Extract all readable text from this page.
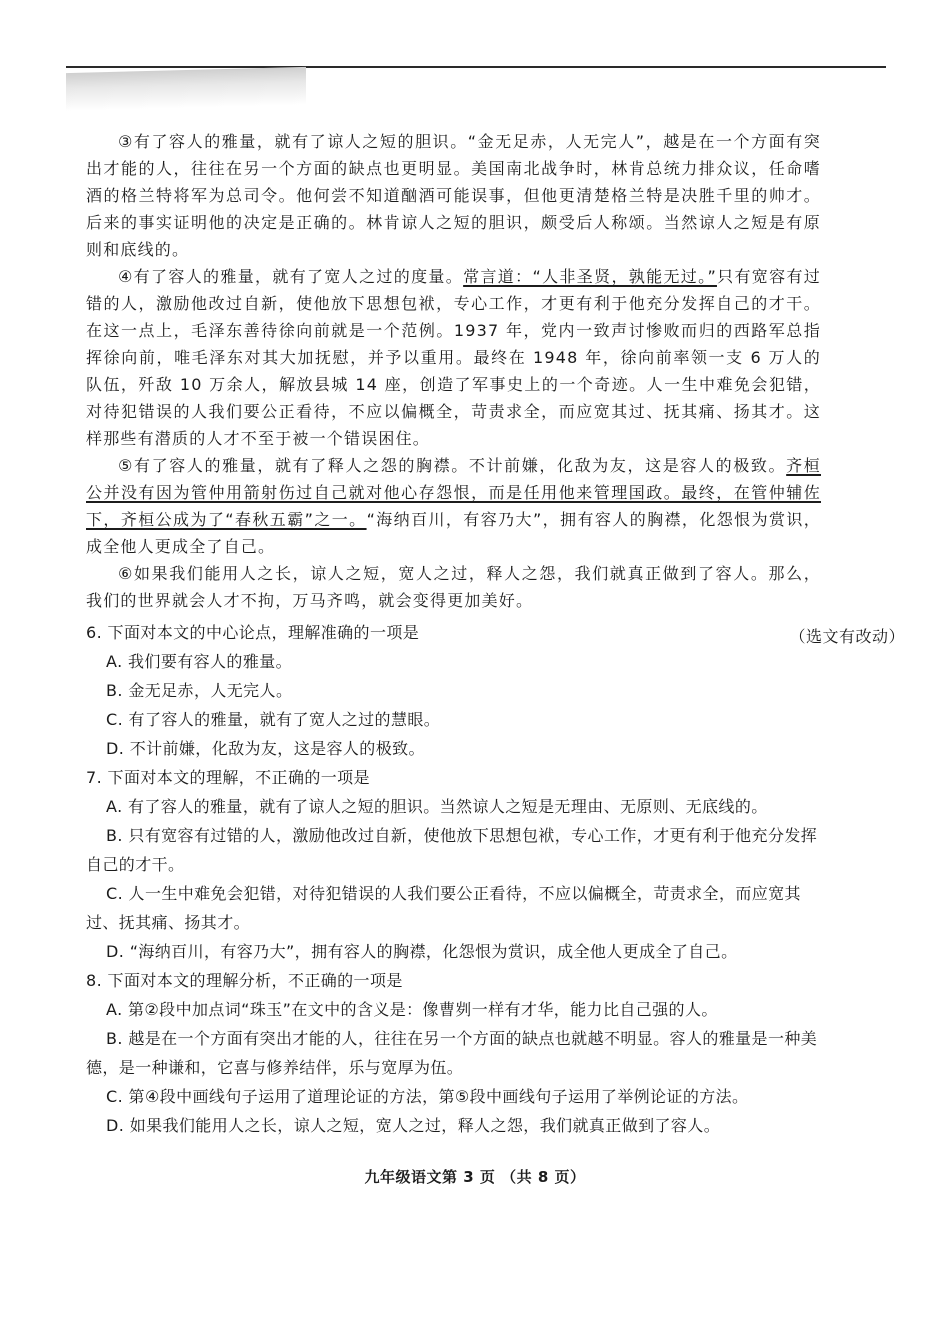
③有了容人的雅量，就有了谅人之短的胆识。“金无足赤，人无完人”，越是在一个方面有突出才能的人，往往在另一个方面的缺点也更明显。美国南北战争时，林肯总统力排众议，任命嗜酒的格兰特将军为总司令。他何尝不知道酗酒可能误事，但他更清楚格兰特是决胜千里的帅才。后来的事实证明他的决定是正确的。林肯谅人之短的胆识，颇受后人称颂。当然谅人之短是有原则和底线的。

④有了容人的雅量，就有了宽人之过的度量。常言道：“人非圣贤，孰能无过。”只有宽容有过错的人，激励他改过自新，使他放下思想包袱，专心工作，才更有利于他充分发挥自己的才干。在这一点上，毛泽东善待徐向前就是一个范例。1937 年，党内一致声讨惨败而归的西路军总指挥徐向前，唯毛泽东对其大加抚慰，并予以重用。最终在 1948 年，徐向前率领一支 6 万人的队伍，歼敌 10 万余人，解放县城 14 座，创造了军事史上的一个奇迹。人一生中难免会犯错，对待犯错误的人我们要公正看待，不应以偏概全，苛责求全，而应宽其过、抚其痛、扬其才。这样那些有潜质的人才不至于被一个错误困住。

⑤有了容人的雅量，就有了释人之怨的胸襟。不计前嫌，化敌为友，这是容人的极致。齐桓公并没有因为管仲用箭射伤过自己就对他心存怨恨，而是任用他来管理国政。最终，在管仲辅佐下，齐桓公成为了“春秋五霸”之一。“海纳百川，有容乃大”，拥有容人的胸襟，化怨恨为赏识，成全他人更成全了自己。

⑥如果我们能用人之长，谅人之短，宽人之过，释人之怨，我们就真正做到了容人。那么，我们的世界就会人才不拘，万马齐鸣，就会变得更加美好。

（选文有改动）

6. 下面对本文的中心论点，理解准确的一项是

A. 我们要有容人的雅量。

B. 金无足赤，人无完人。

C. 有了容人的雅量，就有了宽人之过的慧眼。

D. 不计前嫌，化敌为友，这是容人的极致。

7. 下面对本文的理解，不正确的一项是

A. 有了容人的雅量，就有了谅人之短的胆识。当然谅人之短是无理由、无原则、无底线的。

B. 只有宽容有过错的人，激励他改过自新，使他放下思想包袱，专心工作，才更有利于他充分发挥自己的才干。

C. 人一生中难免会犯错，对待犯错误的人我们要公正看待，不应以偏概全，苛责求全，而应宽其过、抚其痛、扬其才。

D. “海纳百川，有容乃大”，拥有容人的胸襟，化怨恨为赏识，成全他人更成全了自己。

8. 下面对本文的理解分析，不正确的一项是

A. 第②段中加点词“珠玉”在文中的含义是：像曹刿一样有才华，能力比自己强的人。

B. 越是在一个方面有突出才能的人，往往在另一个方面的缺点也就越不明显。容人的雅量是一种美德，是一种谦和，它喜与修养结伴，乐与宽厚为伍。

C. 第④段中画线句子运用了道理论证的方法，第⑤段中画线句子运用了举例论证的方法。

D. 如果我们能用人之长，谅人之短，宽人之过，释人之怨，我们就真正做到了容人。

九年级语文第 3 页 （共 8 页）
